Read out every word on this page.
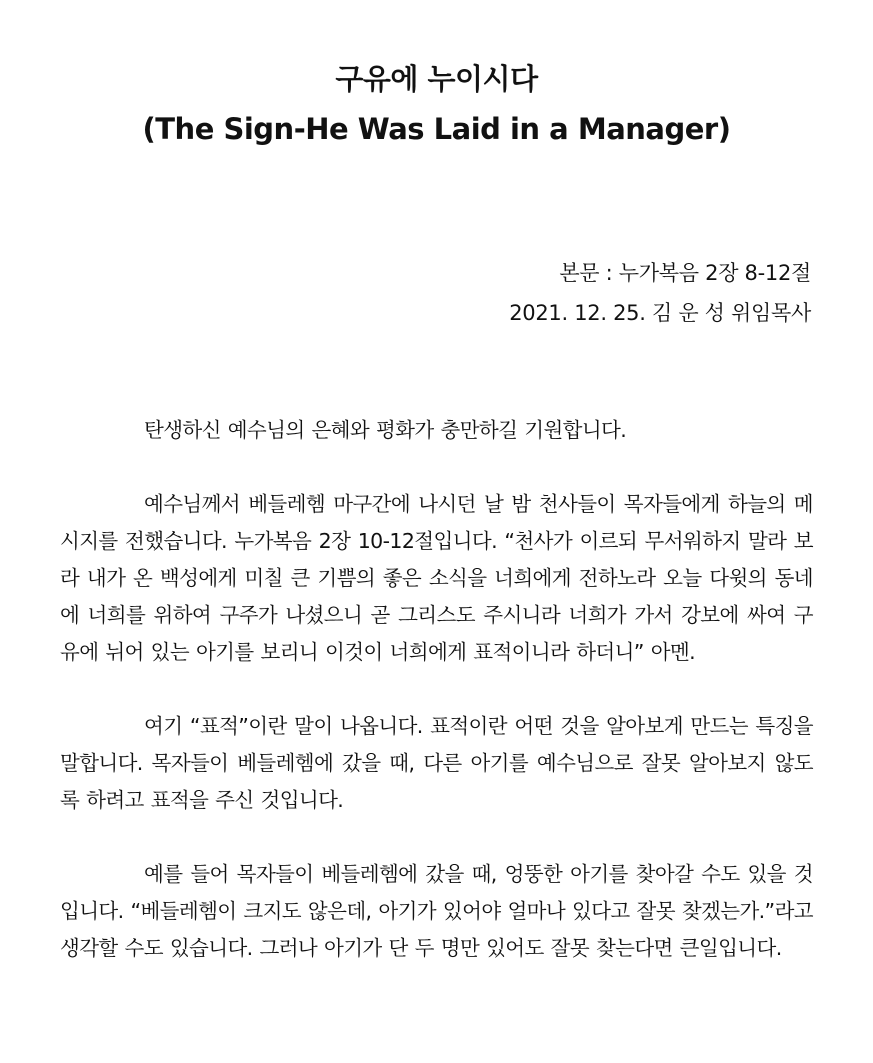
구유에 누이시다
(The Sign-He Was Laid in a Manager)
본문 : 누가복음 2장 8-12절
2021. 12. 25. 김 운 성 위임목사

탄생하신 예수님의 은혜와 평화가 충만하길 기원합니다.

예수님께서 베들레헴 마구간에 나시던 날 밤 천사들이 목자들에게 하늘의 메시지를 전했습니다. 누가복음 2장 10-12절입니다. “천사가 이르되 무서워하지 말라 보라 내가 온 백성에게 미칠 큰 기쁨의 좋은 소식을 너희에게 전하노라 오늘 다윗의 동네에 너희를 위하여 구주가 나셨으니 곧 그리스도 주시니라 너희가 가서 강보에 싸여 구유에 뉘어 있는 아기를 보리니 이것이 너희에게 표적이니라 하더니” 아멘.

여기 “표적”이란 말이 나옵니다. 표적이란 어떤 것을 알아보게 만드는 특징을 말합니다. 목자들이 베들레헴에 갔을 때, 다른 아기를 예수님으로 잘못 알아보지 않도록 하려고 표적을 주신 것입니다.

예를 들어 목자들이 베들레헴에 갔을 때, 엉뚱한 아기를 찾아갈 수도 있을 것입니다. “베들레헴이 크지도 않은데, 아기가 있어야 얼마나 있다고 잘못 찾겠는가.”라고 생각할 수도 있습니다. 그러나 아기가 단 두 명만 있어도 잘못 찾는다면 큰일입니다.
